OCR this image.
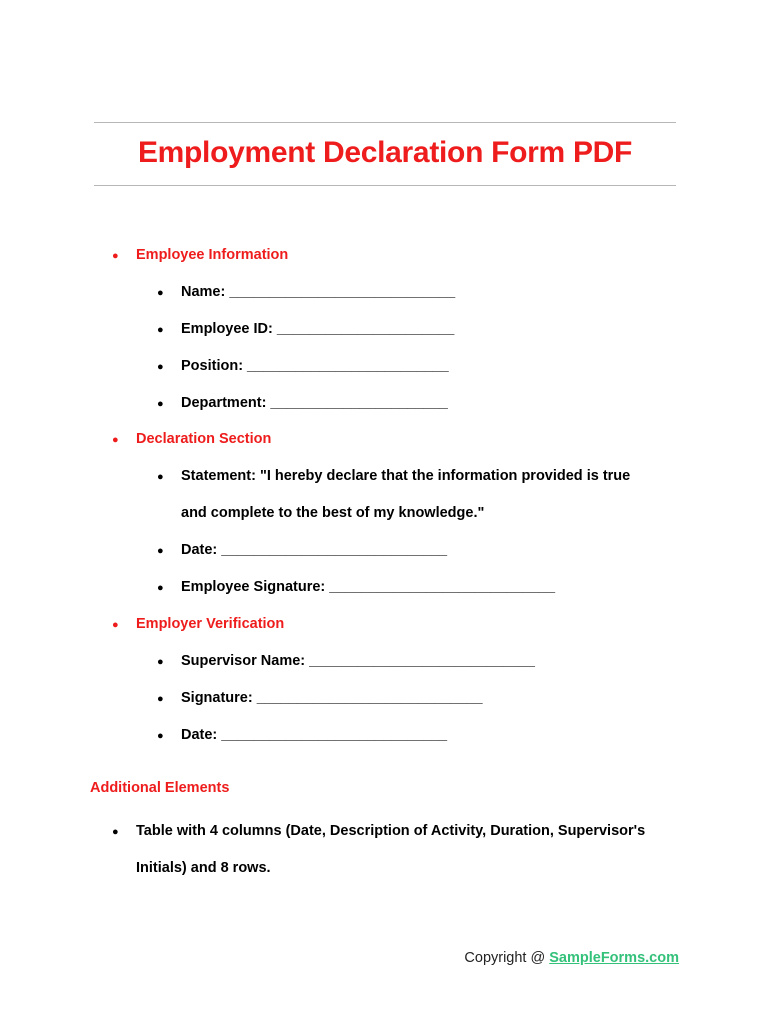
Employment Declaration Form PDF
● Employee Information
● Name: ____________________________
● Employee ID: ______________________
● Position: _________________________
● Department: ______________________
● Declaration Section
● Statement: "I hereby declare that the information provided is true
and complete to the best of my knowledge."
● Date: ____________________________
● Employee Signature: ____________________________
● Employer Verification
● Supervisor Name: ____________________________
● Signature: ____________________________
● Date: ____________________________
Additional Elements
● Table with 4 columns (Date, Description of Activity, Duration, Supervisor's
Initials) and 8 rows.
Copyright @ SampleForms.com
